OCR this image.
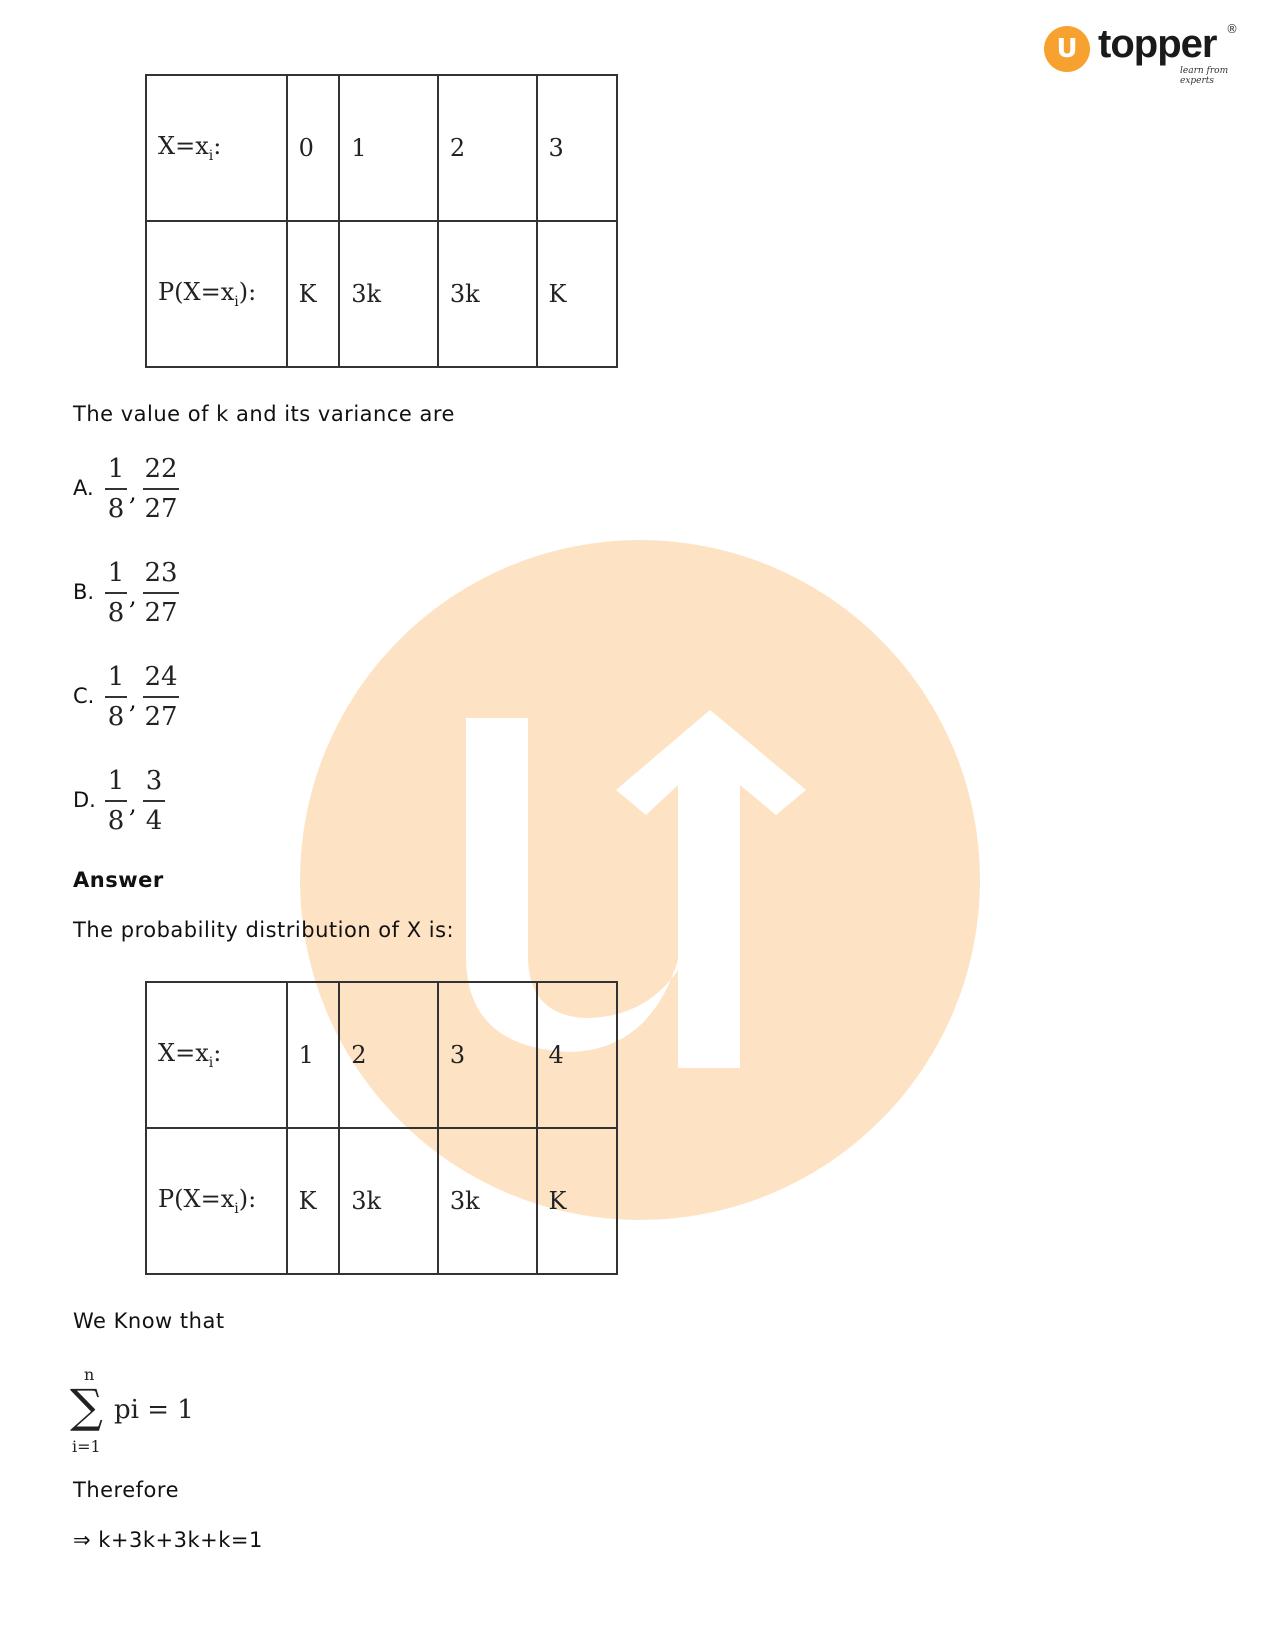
U topper ®
learn from experts
$X=x_i$:	0	1	2	3
$P(X=x_i)$:	K	3k	3k	K
The value of k and its variance are
A.
1
8
,
22
27
B.
1
8
,
23
27
C.
1
8
,
24
27
D.
1
8
,
3
4
Answer
The probability distribution of X is:
$X=x_i$:	1	2	3	4
$P(X=x_i)$:	K	3k	3k	K
We Know that
n
∑
i=1
pi = 1
Therefore
⇒ k+3k+3k+k=1
